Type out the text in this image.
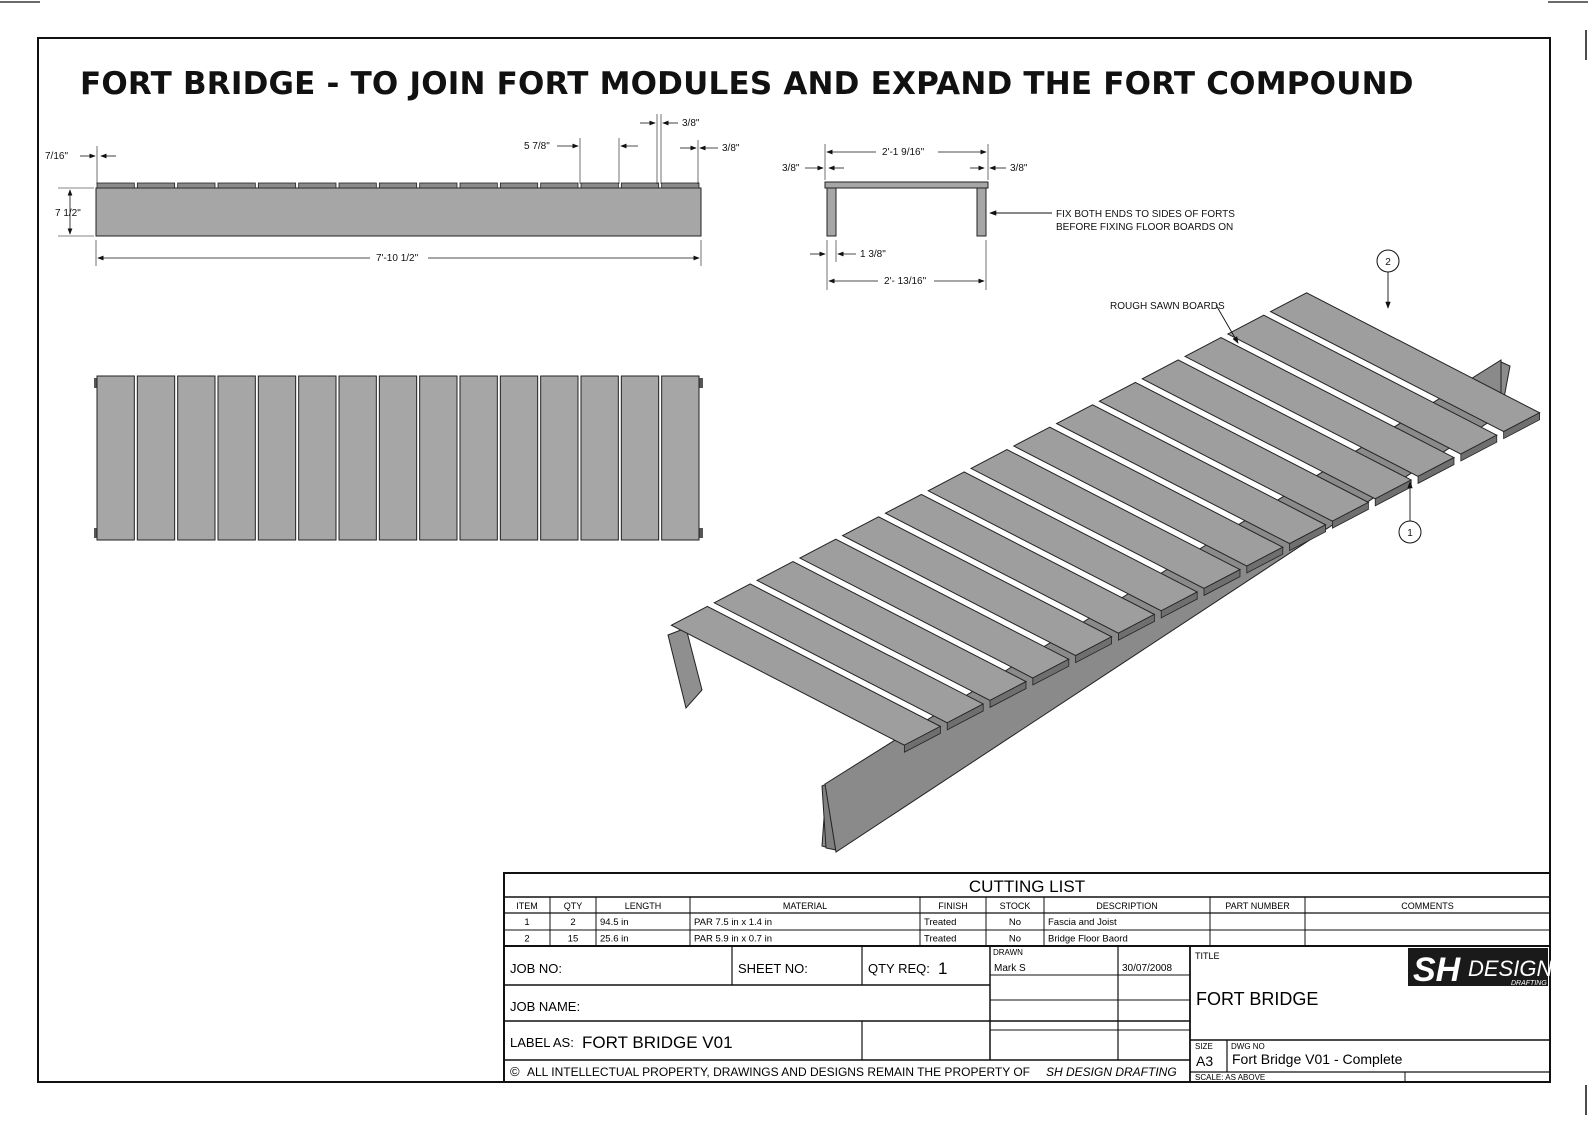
FORT BRIDGE - TO JOIN FORT MODULES AND EXPAND THE FORT COMPOUND
7 1/2"
7/16"
7'-10 1/2"
5 7/8"
3/8"
3/8"	2'-1 9/16"
3/8"	3/8"
FIX BOTH ENDS TO SIDES OF FORTS
BEFORE FIXING FLOOR BOARDS ON
1 3/8"
2'- 13/16"
ROUGH SAWN BOARDS
2
1
CUTTING LIST
ITEM	QTY	LENGTH	MATERIAL	FINISH	STOCK	DESCRIPTION	PART NUMBER	COMMENTS
1	2	94.5 in	PAR 7.5 in x 1.4 in	Treated	No	Fascia and Joist
2	15 25.6 in	PAR 5.9 in x 0.7 in	Treated	No	Bridge Floor Baord
JOB NO:	SHEET NO:	QTY REQ: 1
DRAWN
Mark S	30/07/2008
JOB NAME:
LABEL AS: FORT BRIDGE V01
© ALL INTELLECTUAL PROPERTY, DRAWINGS AND DESIGNS REMAIN THE PROPERTY OF SH DESIGN DRAFTING
TITLE
FORT BRIDGE
SH DESIGN
DRAFTING
SIZE
A3
DWG NO
Fort Bridge V01 - Complete
SCALE: AS ABOVE
